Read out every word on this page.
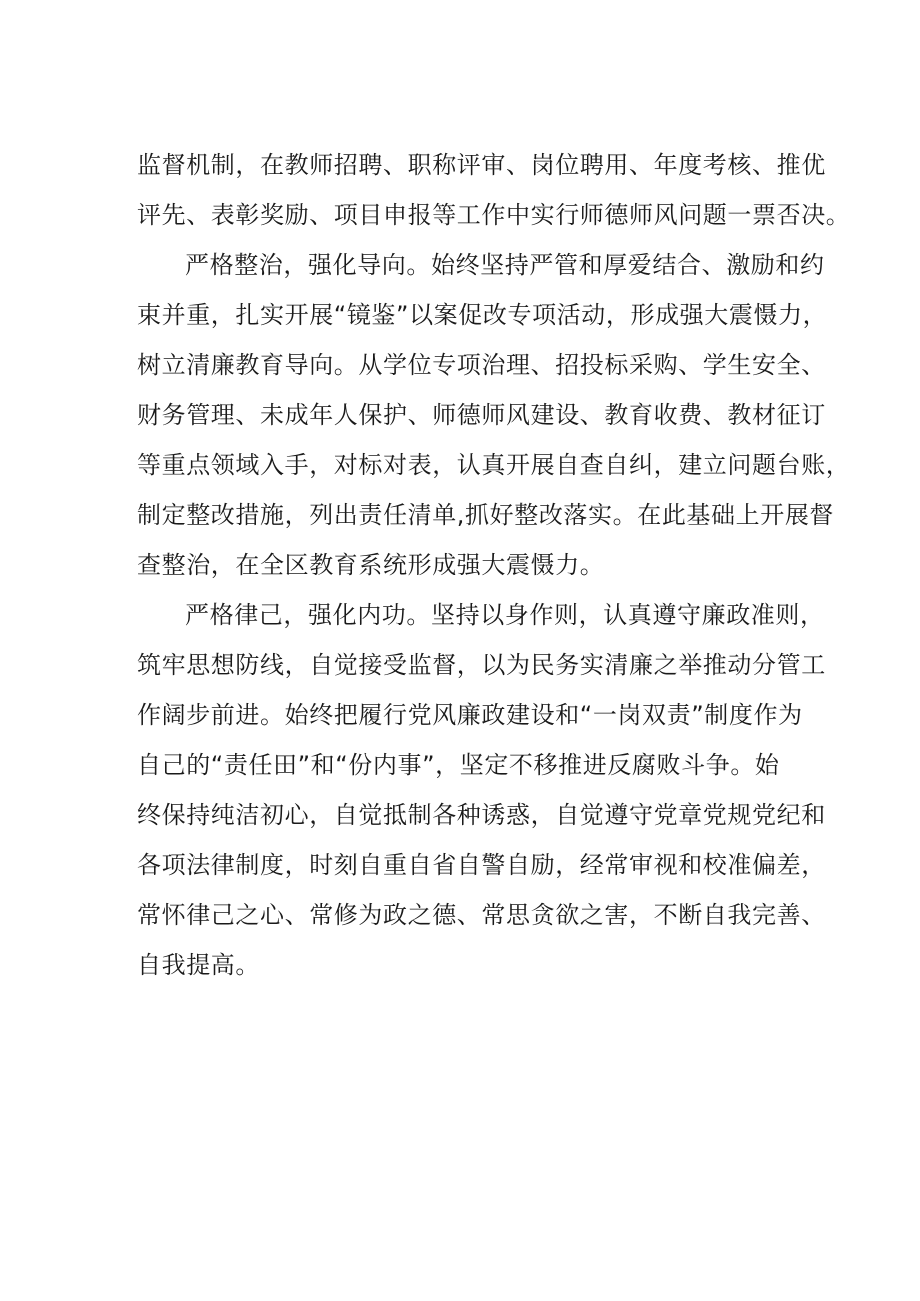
监督机制，在教师招聘、职称评审、岗位聘用、年度考核、推优
评先、表彰奖励、项目申报等工作中实行师德师风问题一票否决。
严格整治，强化导向。始终坚持严管和厚爱结合、激励和约
束并重，扎实开展“镜鉴”以案促改专项活动，形成强大震慑力，
树立清廉教育导向。从学位专项治理、招投标采购、学生安全、
财务管理、未成年人保护、师德师风建设、教育收费、教材征订
等重点领域入手，对标对表，认真开展自查自纠，建立问题台账，
制定整改措施，列出责任清单,抓好整改落实。在此基础上开展督
查整治，在全区教育系统形成强大震慑力。
严格律己，强化内功。坚持以身作则，认真遵守廉政准则，
筑牢思想防线，自觉接受监督，以为民务实清廉之举推动分管工
作阔步前进。始终把履行党风廉政建设和“一岗双责”制度作为
自己的“责任田”和“份内事”，坚定不移推进反腐败斗争。始
终保持纯洁初心，自觉抵制各种诱惑，自觉遵守党章党规党纪和
各项法律制度，时刻自重自省自警自励，经常审视和校准偏差，
常怀律己之心、常修为政之德、常思贪欲之害，不断自我完善、
自我提高。
